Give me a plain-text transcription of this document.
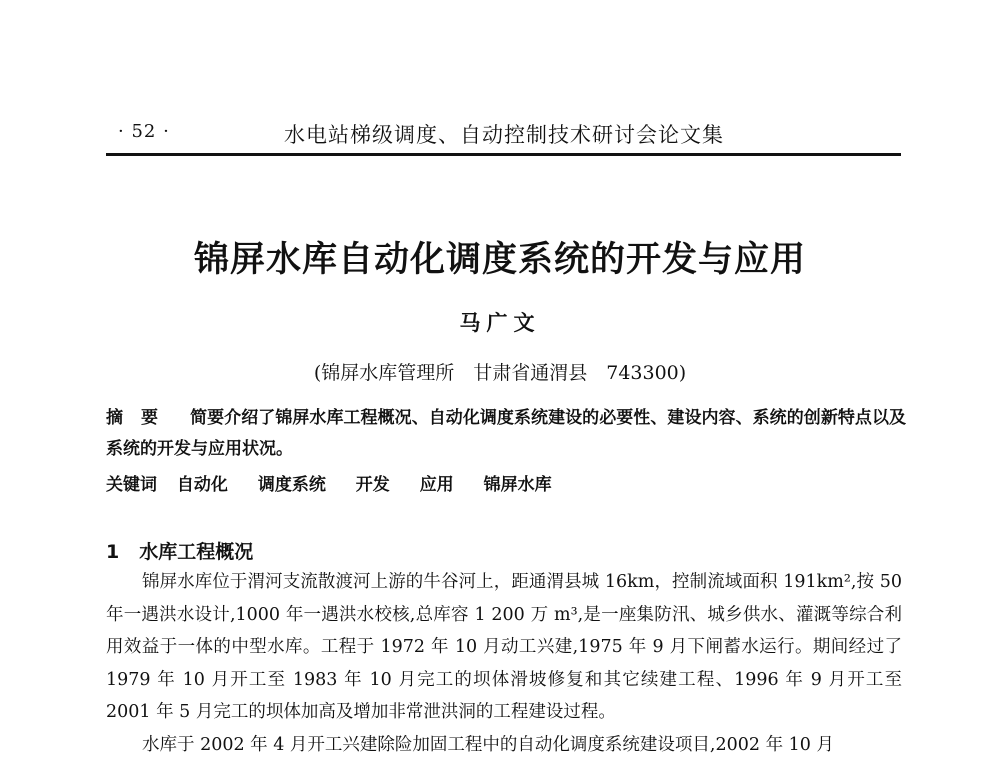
· 52 ·	水电站梯级调度、自动控制技术研讨会论文集
锦屏水库自动化调度系统的开发与应用
马广文
(锦屏水库管理所　甘肃省通渭县　743300)
摘要 简要介绍了锦屏水库工程概况、自动化调度系统建设的必要性、建设内容、系统的创新特点以及系统的开发与应用状况。
关键词 自动化 调度系统 开发 应用 锦屏水库
1 水库工程概况

锦屏水库位于渭河支流散渡河上游的牛谷河上，距通渭县城 16km，控制流域面积 191km²,按 50 年一遇洪水设计,1000 年一遇洪水校核,总库容 1 200 万 m³,是一座集防汛、城乡供水、灌溉等综合利用效益于一体的中型水库。工程于 1972 年 10 月动工兴建,1975 年 9 月下闸蓄水运行。期间经过了 1979 年 10 月开工至 1983 年 10 月完工的坝体滑坡修复和其它续建工程、1996 年 9 月开工至 2001 年 5 月完工的坝体加高及增加非常泄洪洞的工程建设过程。

水库于 2002 年 4 月开工兴建除险加固工程中的自动化调度系统建设项目,2002 年 10 月
